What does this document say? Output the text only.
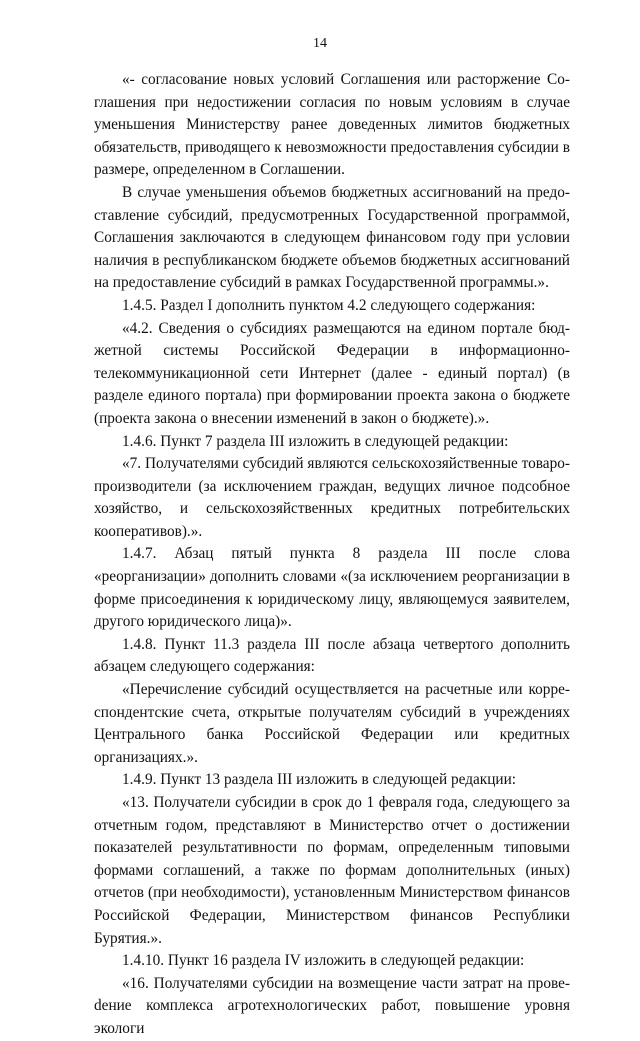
14

«- согласование новых условий Соглашения или расторжение Соглашения при недостижении согласия по новым условиям в случае уменьшения Министерству ранее доведенных лимитов бюджетных обязательств, приводящего к невозможности предоставления субсидии в размере, определенном в Соглашении.

В случае уменьшения объемов бюджетных ассигнований на предоставление субсидий, предусмотренных Государственной программой, Соглашения заключаются в следующем финансовом году при условии наличия в республиканском бюджете объемов бюджетных ассигнований на предоставление субсидий в рамках Государственной программы.».

1.4.5. Раздел I дополнить пунктом 4.2 следующего содержания:

«4.2. Сведения о субсидиях размещаются на едином портале бюджетной системы Российской Федерации в информационно-телекоммуникационной сети Интернет (далее - единый портал) (в разделе единого портала) при формировании проекта закона о бюджете (проекта закона о внесении изменений в закон о бюджете).».

1.4.6. Пункт 7 раздела III изложить в следующей редакции:

«7. Получателями субсидий являются сельскохозяйственные товаропроизводители (за исключением граждан, ведущих личное подсобное хозяйство, и сельскохозяйственных кредитных потребительских кооперативов).».

1.4.7. Абзац пятый пункта 8 раздела III после слова «реорганизации» дополнить словами «(за исключением реорганизации в форме присоединения к юридическому лицу, являющемуся заявителем, другого юридического лица)».

1.4.8. Пункт 11.3 раздела III после абзаца четвертого дополнить абзацем следующего содержания:

«Перечисление субсидий осуществляется на расчетные или корреспондентские счета, открытые получателям субсидий в учреждениях Центрального банка Российской Федерации или кредитных организациях.».

1.4.9. Пункт 13 раздела III изложить в следующей редакции:

«13. Получатели субсидии в срок до 1 февраля года, следующего за отчетным годом, представляют в Министерство отчет о достижении показателей результативности по формам, определенным типовыми формами соглашений, а также по формам дополнительных (иных) отчетов (при необходимости), установленным Министерством финансов Российской Федерации, Министерством финансов Республики Бурятия.».

1.4.10. Пункт 16 раздела IV изложить в следующей редакции:

«16. Получателями субсидии на возмещение части затрат на провеdение комплекса агротехнологических работ, повышение уровня экологи
